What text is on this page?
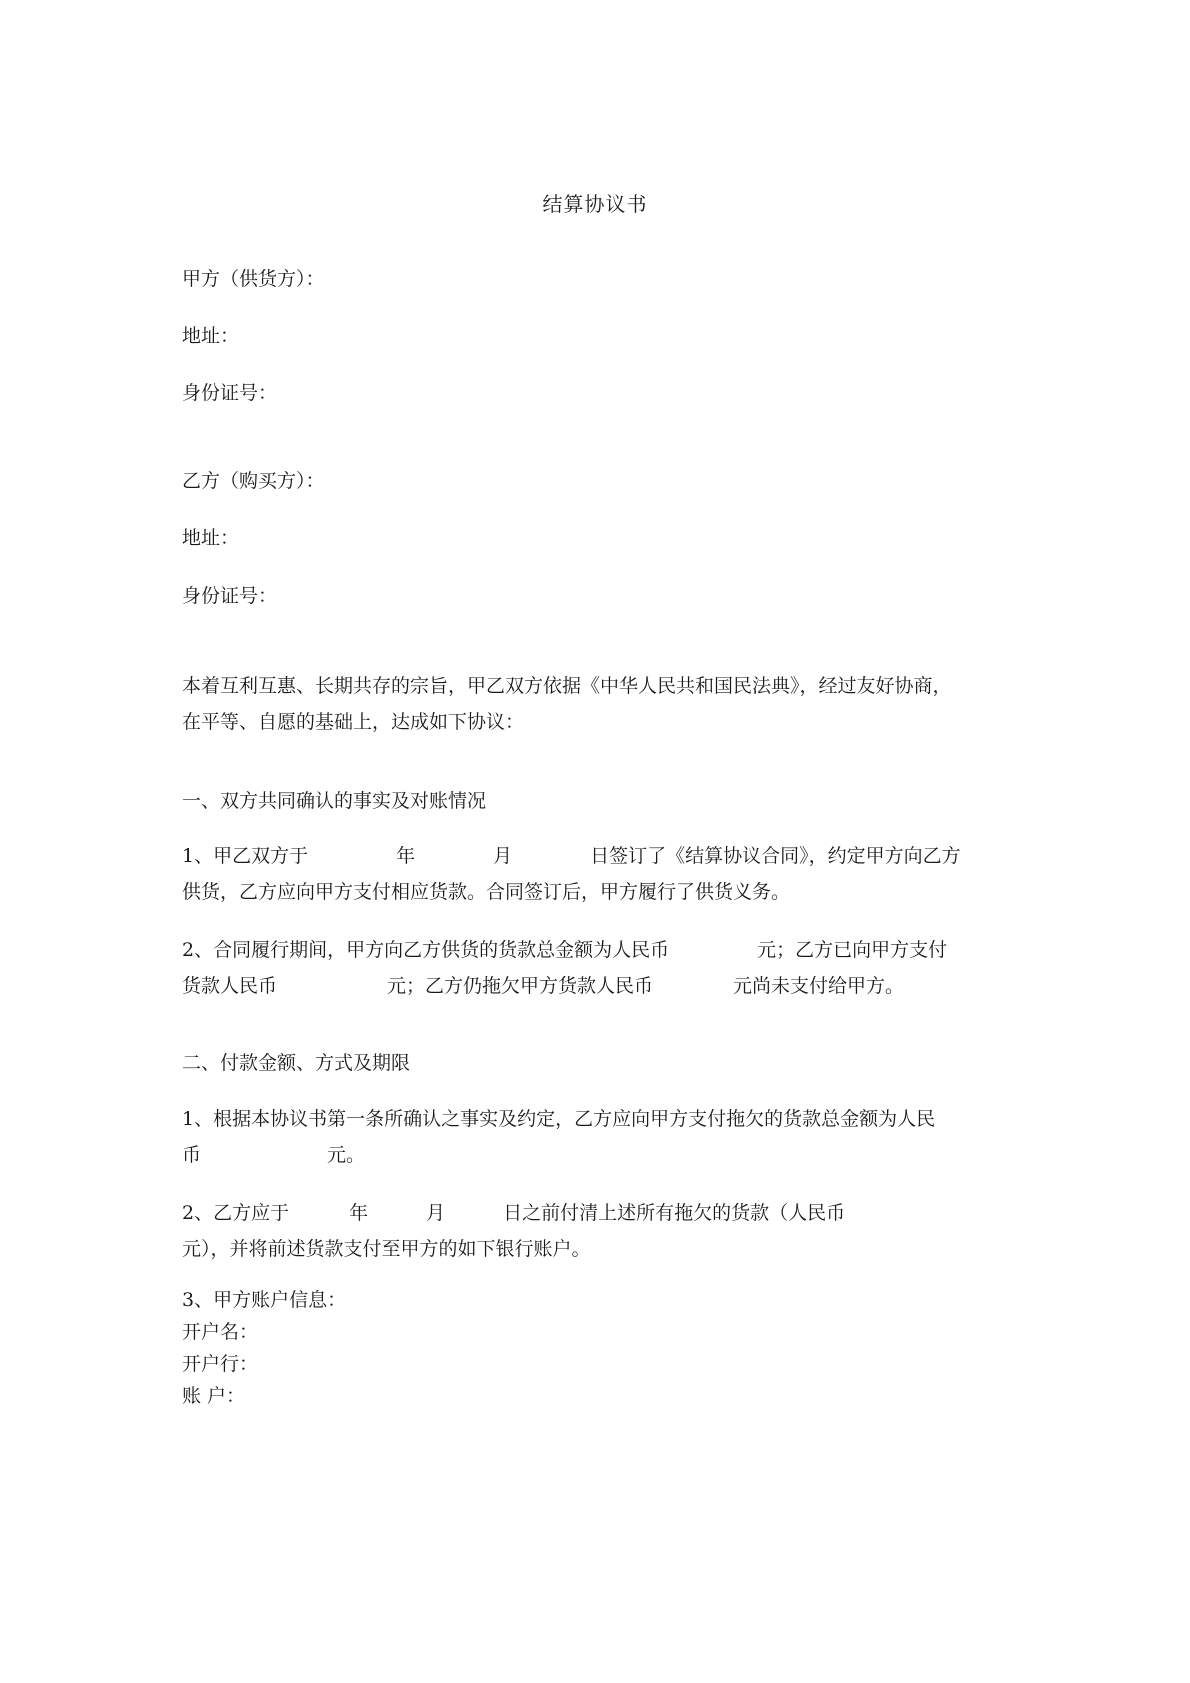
结算协议书
甲方（供货方）：
地址：
身份证号：
乙方（购买方）：
地址：
身份证号：
本着互利互惠、长期共存的宗旨，甲乙双方依据《中华人民共和国民法典》，经过友好协商，
在平等、自愿的基础上，达成如下协议：
一、双方共同确认的事实及对账情况
1、甲乙双方于	年	月	日签订了《结算协议合同》，约定甲方向乙方
供货，乙方应向甲方支付相应货款。合同签订后，甲方履行了供货义务。
2、合同履行期间，甲方向乙方供货的货款总金额为人民币	元；乙方已向甲方支付
货款人民币	元；乙方仍拖欠甲方货款人民币	元尚未支付给甲方。
二、付款金额、方式及期限
1、根据本协议书第一条所确认之事实及约定，乙方应向甲方支付拖欠的货款总金额为人民
币	元。
2、乙方应于	年	月	日之前付清上述所有拖欠的货款（人民币
元），并将前述货款支付至甲方的如下银行账户。
3、甲方账户信息：
开户名：
开户行：
账 户：
